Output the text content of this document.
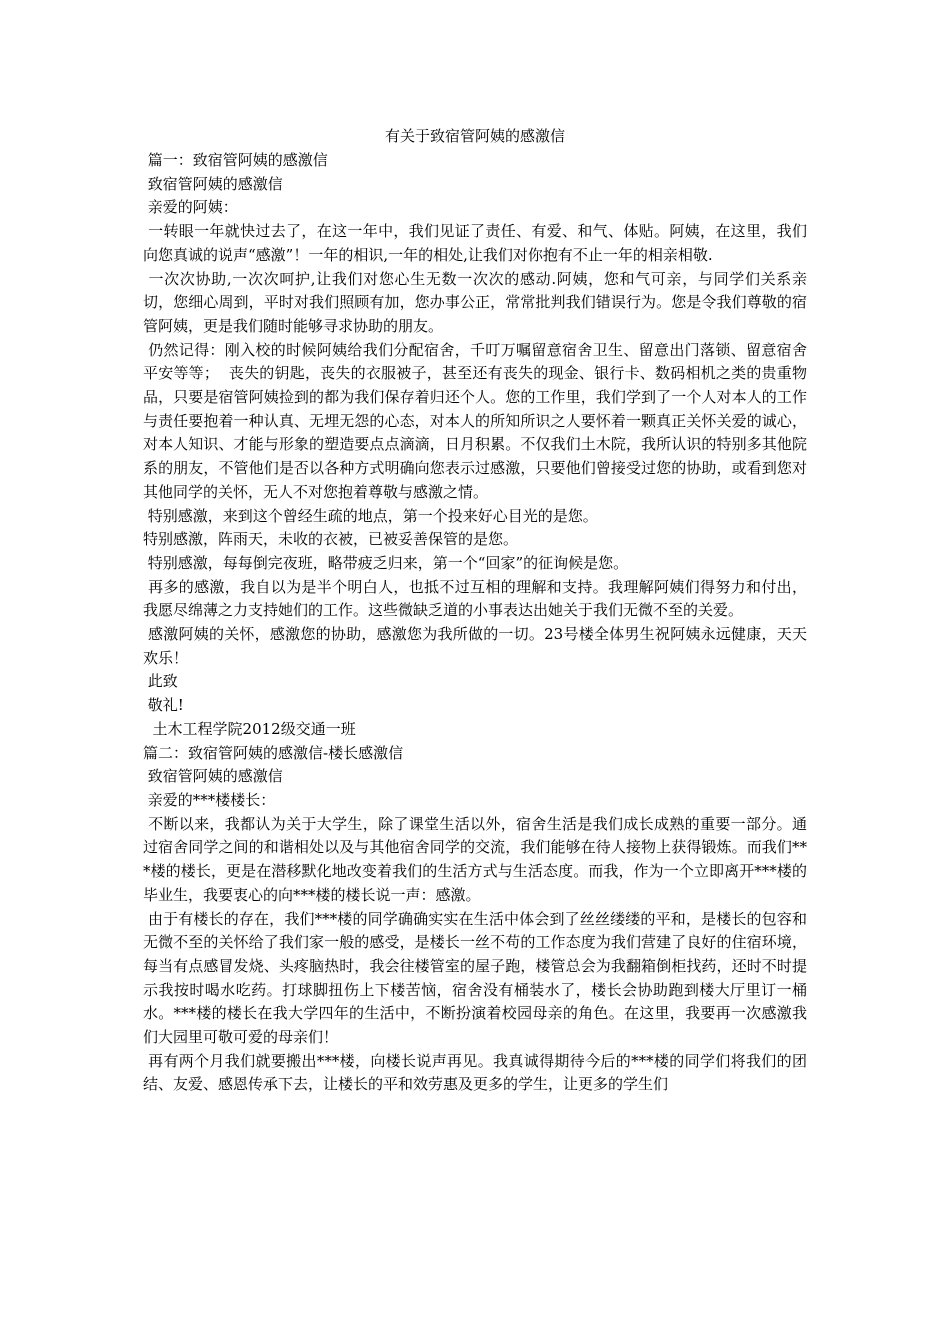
有关于致宿管阿姨的感激信

篇一：致宿管阿姨的感激信

致宿管阿姨的感激信

亲爱的阿姨：

一转眼一年就快过去了，在这一年中，我们见证了责任、有爱、和气、体贴。阿姨，在这里，我们向您真诚的说声“感激”！一年的相识,一年的相处,让我们对你抱有不止一年的相亲相敬.

一次次协助,一次次呵护,让我们对您心生无数一次次的感动.阿姨，您和气可亲，与同学们关系亲切，您细心周到，平时对我们照顾有加，您办事公正，常常批判我们错误行为。您是令我们尊敬的宿管阿姨，更是我们随时能够寻求协助的朋友。

仍然记得：刚入校的时候阿姨给我们分配宿舍，千叮万嘱留意宿舍卫生、留意出门落锁、留意宿舍平安等等；  丧失的钥匙，丧失的衣服被子，甚至还有丧失的现金、银行卡、数码相机之类的贵重物品，只要是宿管阿姨捡到的都为我们保存着归还个人。您的工作里，我们学到了一个人对本人的工作与责任要抱着一种认真、无埋无怨的心态，对本人的所知所识之人要怀着一颗真正关怀关爱的诚心，对本人知识、才能与形象的塑造要点点滴滴，日月积累。不仅我们土木院，我所认识的特别多其他院系的朋友，不管他们是否以各种方式明确向您表示过感激，只要他们曾接受过您的协助，或看到您对其他同学的关怀，无人不对您抱着尊敬与感激之情。

特别感激，来到这个曾经生疏的地点，第一个投来好心目光的是您。

特别感激，阵雨天，未收的衣被，已被妥善保管的是您。

特别感激，每每倒完夜班，略带疲乏归来，第一个“回家”的征询候是您。

再多的感激，我自以为是半个明白人，也抵不过互相的理解和支持。我理解阿姨们得努力和付出，我愿尽绵薄之力支持她们的工作。这些微缺乏道的小事表达出她关于我们无微不至的关爱。

感激阿姨的关怀，感激您的协助，感激您为我所做的一切。23号楼全体男生祝阿姨永远健康，天天欢乐！

此致

敬礼!

土木工程学院2012级交通一班

篇二：致宿管阿姨的感激信-楼长感激信

致宿管阿姨的感激信

亲爱的***楼楼长：

不断以来，我都认为关于大学生，除了课堂生活以外，宿舍生活是我们成长成熟的重要一部分。通过宿舍同学之间的和谐相处以及与其他宿舍同学的交流，我们能够在待人接物上获得锻炼。而我们***楼的楼长，更是在潜移默化地改变着我们的生活方式与生活态度。而我，作为一个立即离开***楼的毕业生，我要衷心的向***楼的楼长说一声：感激。

由于有楼长的存在，我们***楼的同学确确实实在生活中体会到了丝丝缕缕的平和，是楼长的包容和无微不至的关怀给了我们家一般的感受，是楼长一丝不苟的工作态度为我们营建了良好的住宿环境，每当有点感冒发烧、头疼脑热时，我会往楼管室的屋子跑，楼管总会为我翻箱倒柜找药，还时不时提示我按时喝水吃药。打球脚扭伤上下楼苦恼，宿舍没有桶装水了，楼长会协助跑到楼大厅里订一桶水。***楼的楼长在我大学四年的生活中，不断扮演着校园母亲的角色。在这里，我要再一次感激我们大园里可敬可爱的母亲们！

再有两个月我们就要搬出***楼，向楼长说声再见。我真诚得期待今后的***楼的同学们将我们的团结、友爱、感恩传承下去，让楼长的平和效劳惠及更多的学生，让更多的学生们
